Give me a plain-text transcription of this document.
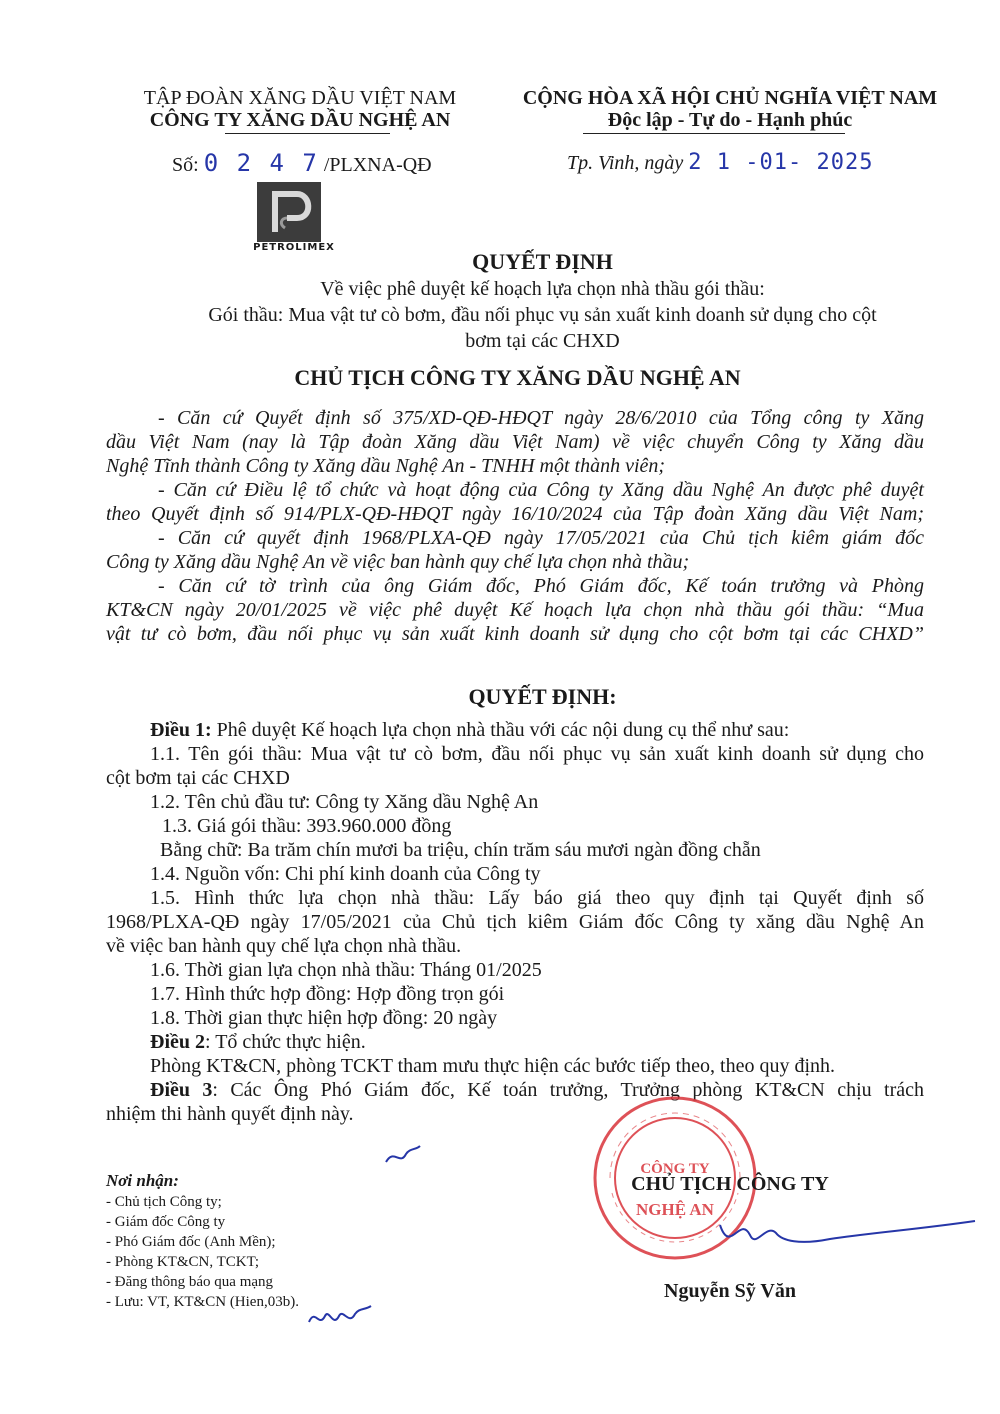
TẬP ĐOÀN XĂNG DẦU VIỆT NAM
CÔNG TY XĂNG DẦU NGHỆ AN
CỘNG HÒA XÃ HỘI CHỦ NGHĨA VIỆT NAM
Độc lập - Tự do - Hạnh phúc
Số: 0 2 4 7 /PLXNA-QĐ	Tp. Vinh, ngày 2 1 -01- 2025
PETROLIMEX
QUYẾT ĐỊNH
Về việc phê duyệt kế hoạch lựa chọn nhà thầu gói thầu:
Gói thầu: Mua vật tư cò bơm, đầu nối phục vụ sản xuất kinh doanh sử dụng cho cột
bơm tại các CHXD
CHỦ TỊCH CÔNG TY XĂNG DẦU NGHỆ AN
- Căn cứ Quyết định số 375/XD-QĐ-HĐQT ngày 28/6/2010 của Tổng công ty Xăng
dầu Việt Nam (nay là Tập đoàn Xăng dầu Việt Nam) về việc chuyển Công ty Xăng dầu
Nghệ Tĩnh thành Công ty Xăng dầu Nghệ An - TNHH một thành viên;
- Căn cứ Điều lệ tổ chức và hoạt động của Công ty Xăng dầu Nghệ An được phê duyệt
theo Quyết định số 914/PLX-QĐ-HĐQT ngày 16/10/2024 của Tập đoàn Xăng dầu Việt Nam;
- Căn cứ quyết định 1968/PLXA-QĐ ngày 17/05/2021 của Chủ tịch kiêm giám đốc
Công ty Xăng dầu Nghệ An về việc ban hành quy chế lựa chọn nhà thầu;
- Căn cứ tờ trình của ông Giám đốc, Phó Giám đốc, Kế toán trưởng và Phòng
KT&CN ngày 20/01/2025 về việc phê duyệt Kế hoạch lựa chọn nhà thầu gói thầu: “Mua
vật tư cò bơm, đầu nối phục vụ sản xuất kinh doanh sử dụng cho cột bơm tại các CHXD”
QUYẾT ĐỊNH:
Điều 1: Phê duyệt Kế hoạch lựa chọn nhà thầu với các nội dung cụ thể như sau:
1.1. Tên gói thầu: Mua vật tư cò bơm, đầu nối phục vụ sản xuất kinh doanh sử dụng cho
cột bơm tại các CHXD
1.2. Tên chủ đầu tư: Công ty Xăng dầu Nghệ An
1.3. Giá gói thầu: 393.960.000 đồng
Bằng chữ: Ba trăm chín mươi ba triệu, chín trăm sáu mươi ngàn đồng chẵn
1.4. Nguồn vốn: Chi phí kinh doanh của Công ty
1.5. Hình thức lựa chọn nhà thầu: Lấy báo giá theo quy định tại Quyết định số
1968/PLXA-QĐ ngày 17/05/2021 của Chủ tịch kiêm Giám đốc Công ty xăng dầu Nghệ An
về việc ban hành quy chế lựa chọn nhà thầu.
1.6. Thời gian lựa chọn nhà thầu: Tháng 01/2025
1.7. Hình thức hợp đồng: Hợp đồng trọn gói
1.8. Thời gian thực hiện hợp đồng: 20 ngày
Điều 2: Tổ chức thực hiện.
Phòng KT&CN, phòng TCKT tham mưu thực hiện các bước tiếp theo, theo quy định.
Điều 3: Các Ông Phó Giám đốc, Kế toán trưởng, Trưởng phòng KT&CN chịu trách
nhiệm thi hành quyết định này.
Nơi nhận:
- Chủ tịch Công ty;
- Giám đốc Công ty
- Phó Giám đốc (Anh Mền);
- Phòng KT&CN, TCKT;
- Đăng thông báo qua mạng
- Lưu: VT, KT&CN (Hien,03b).
CÔNG TY
NGHỆ AN
CHỦ TỊCH CÔNG TY
Nguyễn Sỹ Văn
